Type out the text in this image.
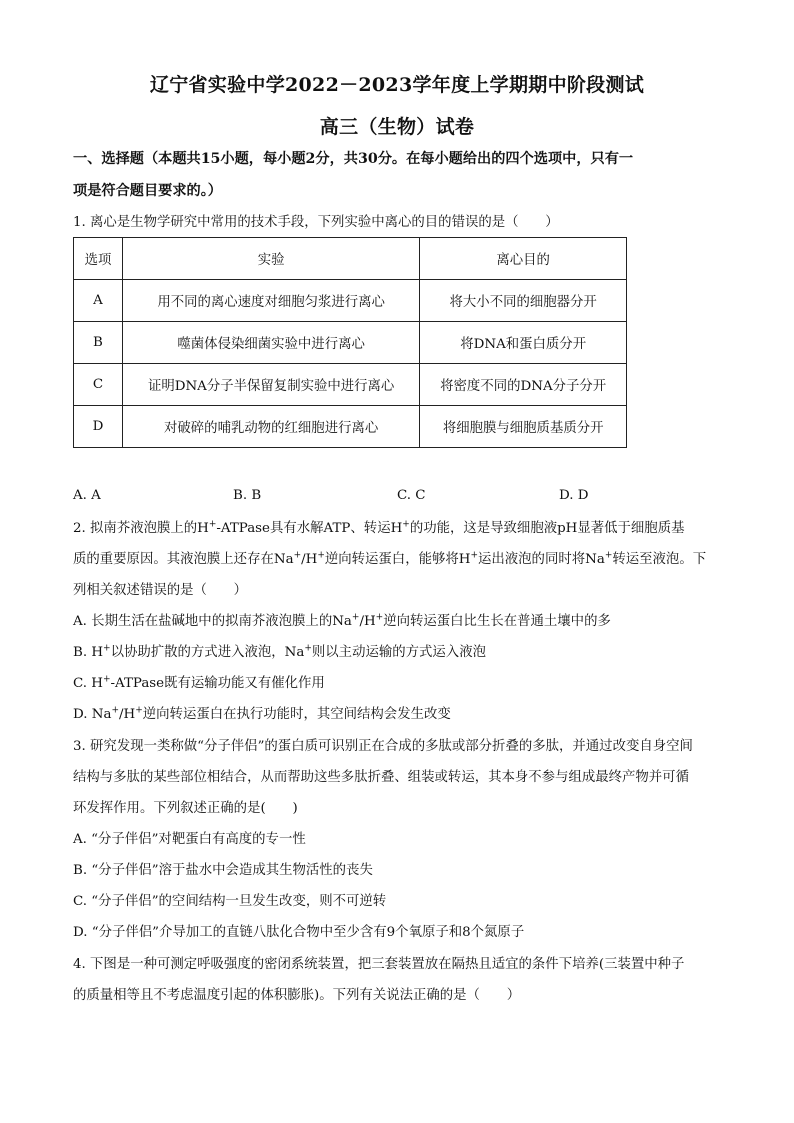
辽宁省实验中学2022－2023学年度上学期期中阶段测试
高三（生物）试卷
一、选择题（本题共15小题，每小题2分，共30分。在每小题给出的四个选项中，只有一
项是符合题目要求的。）
1. 离心是生物学研究中常用的技术手段，下列实验中离心的目的错误的是（　　）
选项	实验	离心目的
A	用不同的离心速度对细胞匀浆进行离心	将大小不同的细胞器分开
B	噬菌体侵染细菌实验中进行离心	将DNA和蛋白质分开
C	证明DNA分子半保留复制实验中进行离心	将密度不同的DNA分子分开
D	对破碎的哺乳动物的红细胞进行离心	将细胞膜与细胞质基质分开
A. A	B. B	C. C	D. D
2. 拟南芥液泡膜上的H+-ATPase具有水解ATP、转运H+的功能，这是导致细胞液pH显著低于细胞质基
质的重要原因。其液泡膜上还存在Na+/H+逆向转运蛋白，能够将H+运出液泡的同时将Na+转运至液泡。下
列相关叙述错误的是（　　）
A. 长期生活在盐碱地中的拟南芥液泡膜上的Na+/H+逆向转运蛋白比生长在普通土壤中的多
B. H+以协助扩散的方式进入液泡，Na+则以主动运输的方式运入液泡
C. H+-ATPase既有运输功能又有催化作用
D. Na+/H+逆向转运蛋白在执行功能时，其空间结构会发生改变
3. 研究发现一类称做“分子伴侣”的蛋白质可识别正在合成的多肽或部分折叠的多肽，并通过改变自身空间
结构与多肽的某些部位相结合，从而帮助这些多肽折叠、组装或转运，其本身不参与组成最终产物并可循
环发挥作用。下列叙述正确的是(　　)
A. “分子伴侣”对靶蛋白有高度的专一性
B. “分子伴侣”溶于盐水中会造成其生物活性的丧失
C. “分子伴侣”的空间结构一旦发生改变，则不可逆转
D. “分子伴侣”介导加工的直链八肽化合物中至少含有9个氧原子和8个氮原子
4. 下图是一种可测定呼吸强度的密闭系统装置，把三套装置放在隔热且适宜的条件下培养(三装置中种子
的质量相等且不考虑温度引起的体积膨胀)。下列有关说法正确的是（　　）
